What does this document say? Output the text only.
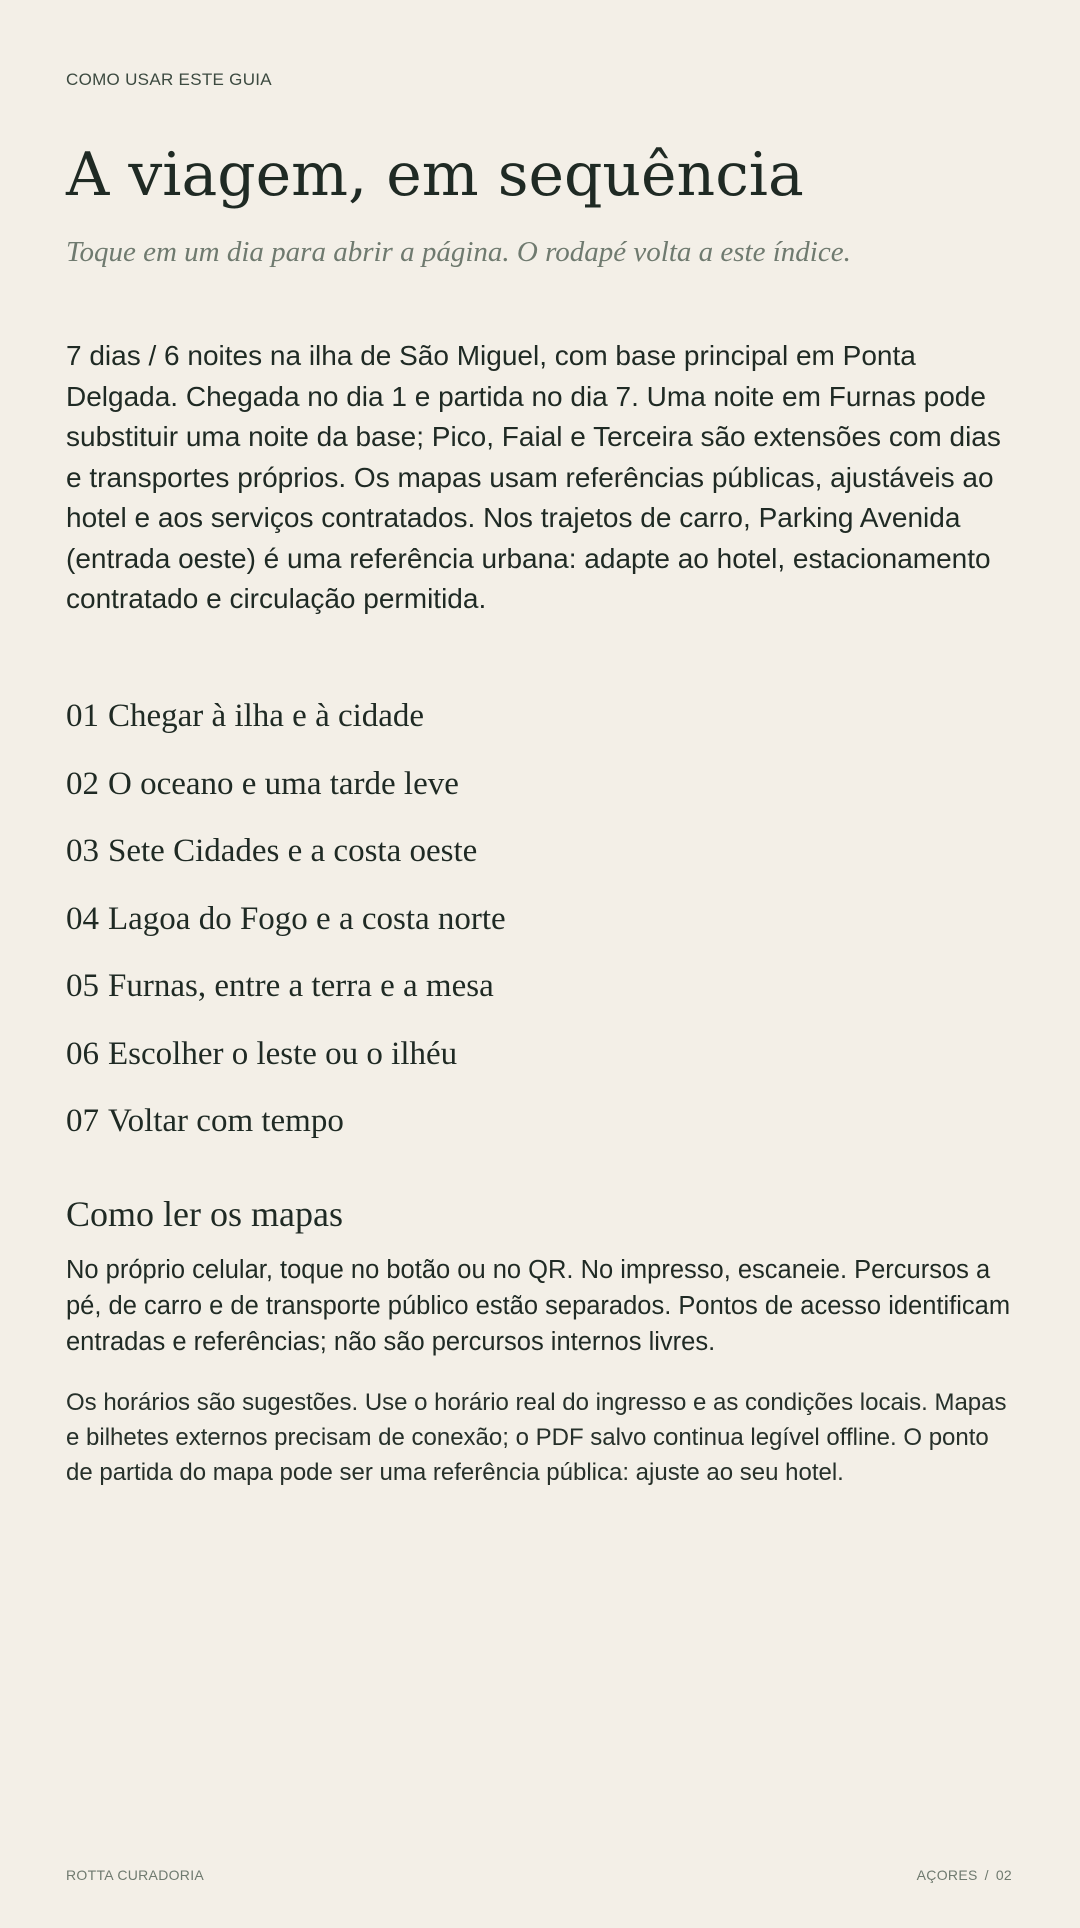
COMO USAR ESTE GUIA
A viagem, em sequência
Toque em um dia para abrir a página. O rodapé volta a este índice.

7 dias / 6 noites na ilha de São Miguel, com base principal em Ponta Delgada. Chegada no dia 1 e partida no dia 7. Uma noite em Furnas pode substituir uma noite da base; Pico, Faial e Terceira são extensões com dias e transportes próprios. Os mapas usam referências públicas, ajustáveis ao hotel e aos serviços contratados. Nos trajetos de carro, Parking Avenida (entrada oeste) é uma referência urbana: adapte ao hotel, estacionamento contratado e circulação permitida.

01 Chegar à ilha e à cidade
02 O oceano e uma tarde leve
03 Sete Cidades e a costa oeste
04 Lagoa do Fogo e a costa norte
05 Furnas, entre a terra e a mesa
06 Escolher o leste ou o ilhéu
07 Voltar com tempo
Como ler os mapas

No próprio celular, toque no botão ou no QR. No impresso, escaneie. Percursos a pé, de carro e de transporte público estão separados. Pontos de acesso identificam entradas e referências; não são percursos internos livres.

Os horários são sugestões. Use o horário real do ingresso e as condições locais. Mapas e bilhetes externos precisam de conexão; o PDF salvo continua legível offline. O ponto de partida do mapa pode ser uma referência pública: ajuste ao seu hotel.

ROTTA CURADORIA	AÇORES / 02
